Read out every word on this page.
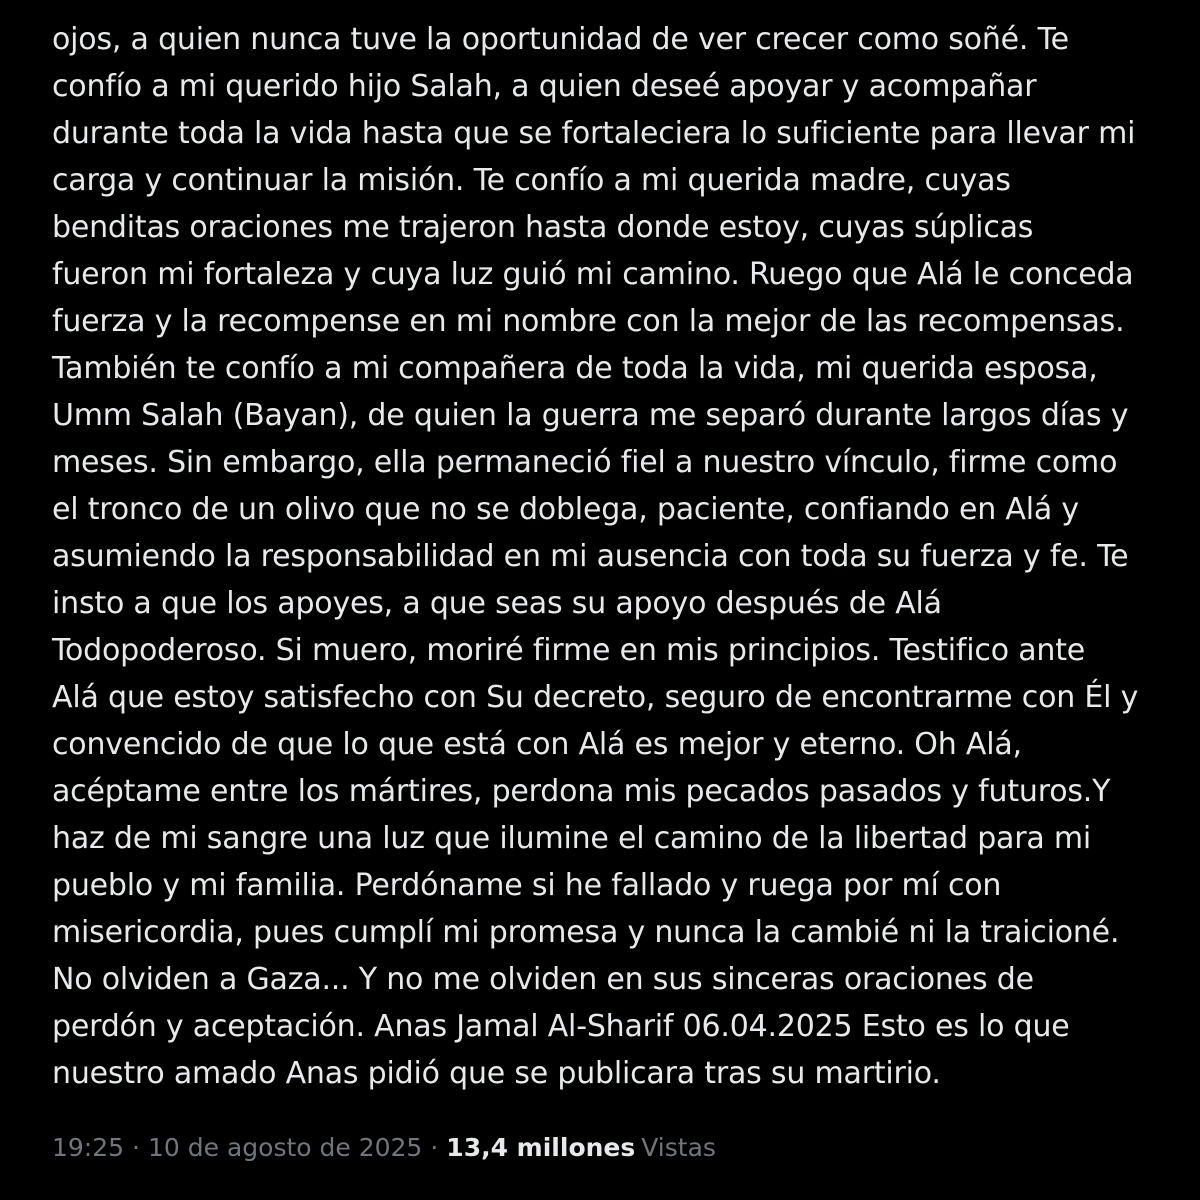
ojos, a quien nunca tuve la oportunidad de ver crecer como soñé. Te
confío a mi querido hijo Salah, a quien deseé apoyar y acompañar
durante toda la vida hasta que se fortaleciera lo suficiente para llevar mi
carga y continuar la misión. Te confío a mi querida madre, cuyas
benditas oraciones me trajeron hasta donde estoy, cuyas súplicas
fueron mi fortaleza y cuya luz guió mi camino. Ruego que Alá le conceda
fuerza y la recompense en mi nombre con la mejor de las recompensas.
También te confío a mi compañera de toda la vida, mi querida esposa,
Umm Salah (Bayan), de quien la guerra me separó durante largos días y
meses. Sin embargo, ella permaneció fiel a nuestro vínculo, firme como
el tronco de un olivo que no se doblega, paciente, confiando en Alá y
asumiendo la responsabilidad en mi ausencia con toda su fuerza y fe. Te
insto a que los apoyes, a que seas su apoyo después de Alá
Todopoderoso. Si muero, moriré firme en mis principios. Testifico ante
Alá que estoy satisfecho con Su decreto, seguro de encontrarme con Él y
convencido de que lo que está con Alá es mejor y eterno. Oh Alá,
acéptame entre los mártires, perdona mis pecados pasados y futuros.Y
haz de mi sangre una luz que ilumine el camino de la libertad para mi
pueblo y mi familia. Perdóname si he fallado y ruega por mí con
misericordia, pues cumplí mi promesa y nunca la cambié ni la traicioné.
No olviden a Gaza... Y no me olviden en sus sinceras oraciones de
perdón y aceptación. Anas Jamal Al-Sharif 06.04.2025 Esto es lo que
nuestro amado Anas pidió que se publicara tras su martirio.
19:25 · 10 de agosto de 2025 · 13,4 millones Vistas
